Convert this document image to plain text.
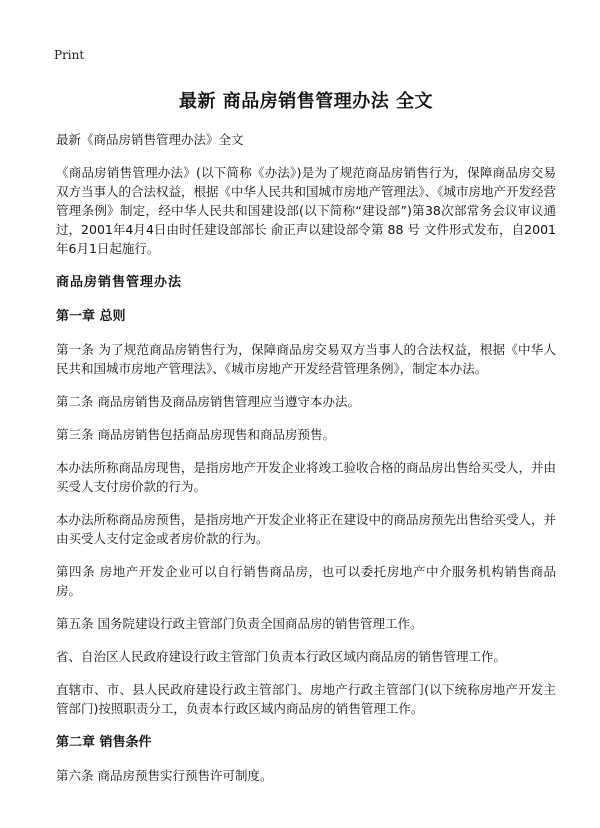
Print
最新 商品房销售管理办法 全文
最新《商品房销售管理办法》全文

《商品房销售管理办法》(以下简称《办法》)是为了规范商品房销售行为，保障商品房交易双方当事人的合法权益，根据《中华人民共和国城市房地产管理法》、《城市房地产开发经营管理条例》制定，经中华人民共和国建设部(以下简称“建设部”)第38次部常务会议审议通过，2001年4月4日由时任建设部部长 俞正声以建设部令第 88 号 文件形式发布，自2001年6月1日起施行。

商品房销售管理办法
第一章 总则

第一条 为了规范商品房销售行为，保障商品房交易双方当事人的合法权益，根据《中华人民共和国城市房地产管理法》、《城市房地产开发经营管理条例》，制定本办法。

第二条 商品房销售及商品房销售管理应当遵守本办法。

第三条 商品房销售包括商品房现售和商品房预售。

本办法所称商品房现售，是指房地产开发企业将竣工验收合格的商品房出售给买受人，并由买受人支付房价款的行为。

本办法所称商品房预售，是指房地产开发企业将正在建设中的商品房预先出售给买受人，并由买受人支付定金或者房价款的行为。

第四条 房地产开发企业可以自行销售商品房，也可以委托房地产中介服务机构销售商品房。

第五条 国务院建设行政主管部门负责全国商品房的销售管理工作。

省、自治区人民政府建设行政主管部门负责本行政区域内商品房的销售管理工作。

直辖市、市、县人民政府建设行政主管部门、房地产行政主管部门(以下统称房地产开发主管部门)按照职责分工，负责本行政区域内商品房的销售管理工作。

第二章 销售条件

第六条 商品房预售实行预售许可制度。
